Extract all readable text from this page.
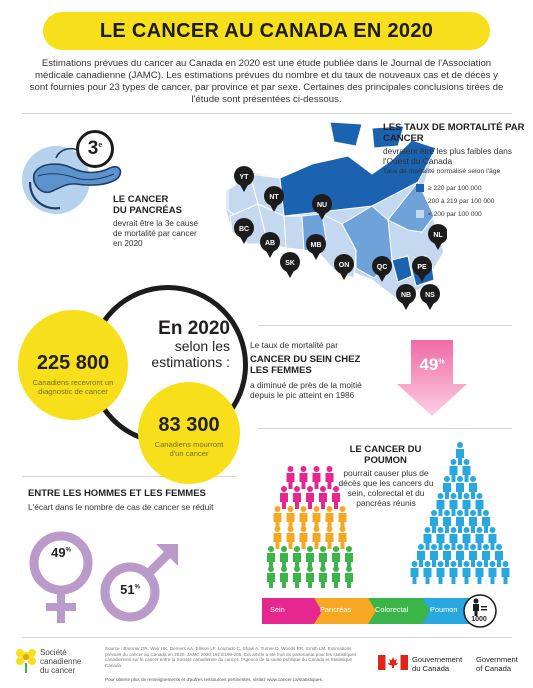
LE CANCER AU CANADA EN 2020

Estimations prévues du cancer au Canada en 2020 est une étude publiée dans le Journal de l'Association médicale canadienne (JAMC). Les estimations prévues du nombre et du taux de nouveaux cas et de décès y sont fournies pour 23 types de cancer, par province et par sexe. Certaines des principales conclusions tirées de l'étude sont présentées ci-dessous.

3e
LE CANCER
DU PANCRÉAS

devrait être la 3e cause de mortalité par cancer en 2020

YT
NT
NU
BC
AB
SK
MB
ON	QC
NL
PE
NB NS
LES TAUX DE MORTALITÉ PAR CANCER

devraient être les plus faibles dans l'Ouest du Canada

Taux de mortalité normalisé selon l'âge

≥ 220 par 100 000
200 à 219 par 100 000
< 200 par 100 000
En 2020
selon les
estimations :
225 800
Canadiens recevront un diagnostic de cancer
83 300
Canadiens mourront d'un cancer

Le taux de mortalité par

CANCER DU SEIN CHEZ LES FEMMES

a diminué de près de la moitié depuis le pic atteint en 1986

49%
ENTRE LES HOMMES ET LES FEMMES

L'écart dans le nombre de cas de cancer se réduit

49%
51%
LE CANCER DU POUMON

pourrait causer plus de décès que les cancers du sein, colorectal et du pancréas réunis

Sein	Pancréas	Colorectal	Poumon
1000
Société
canadienne
du cancer

Source : Brenner DR, Weir HK, Demers AA, Ellison LF, Louzado C, Shaw A, Turner D, Woods RR, Smith LM. Estimations prévues du cancer au Canada en 2020. JAMC 2020;192:E199-205. Cet article a été fruit du partenariat pour les statistiques canadiennes sur le cancer entre la Société canadienne du cancer, l'Agence de la santé publique du Canada et Statistique Canada.

Pour obtenir plus de renseignements et d'autres ressources pertinentes, visitez www.cancer.ca/statistiques.

Gouvernement
du Canada
Government
of Canada
